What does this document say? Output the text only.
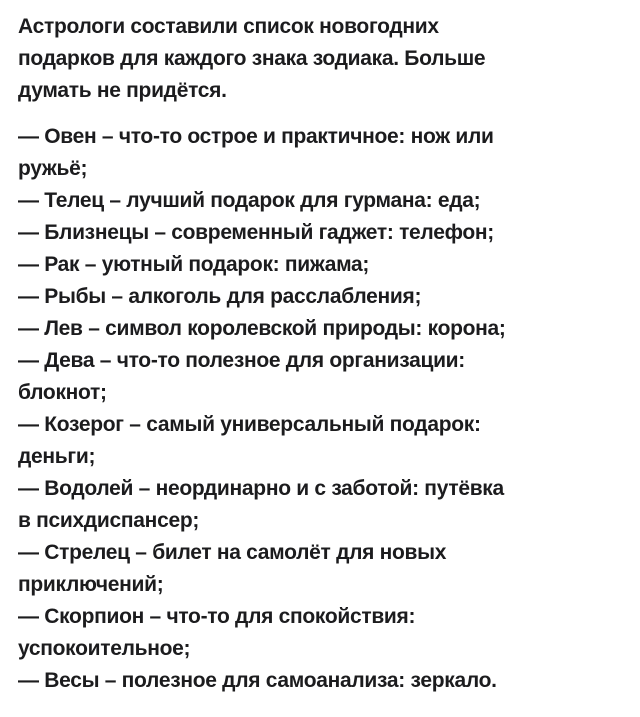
Астрологи составили список новогодних
подарков для каждого знака зодиака. Больше
думать не придётся.

— Овен – что-то острое и практичное: нож или
ружьё;
— Телец – лучший подарок для гурмана: еда;
— Близнецы – современный гаджет: телефон;
— Рак – уютный подарок: пижама;
— Рыбы – алкоголь для расслабления;
— Лев – символ королевской природы: корона;
— Дева – что-то полезное для организации:
блокнот;
— Козерог – самый универсальный подарок:
деньги;
— Водолей – неординарно и с заботой: путёвка
в психдиспансер;
— Стрелец – билет на самолёт для новых
приключений;
— Скорпион – что-то для спокойствия:
успокоительное;
— Весы – полезное для самоанализа: зеркало.
